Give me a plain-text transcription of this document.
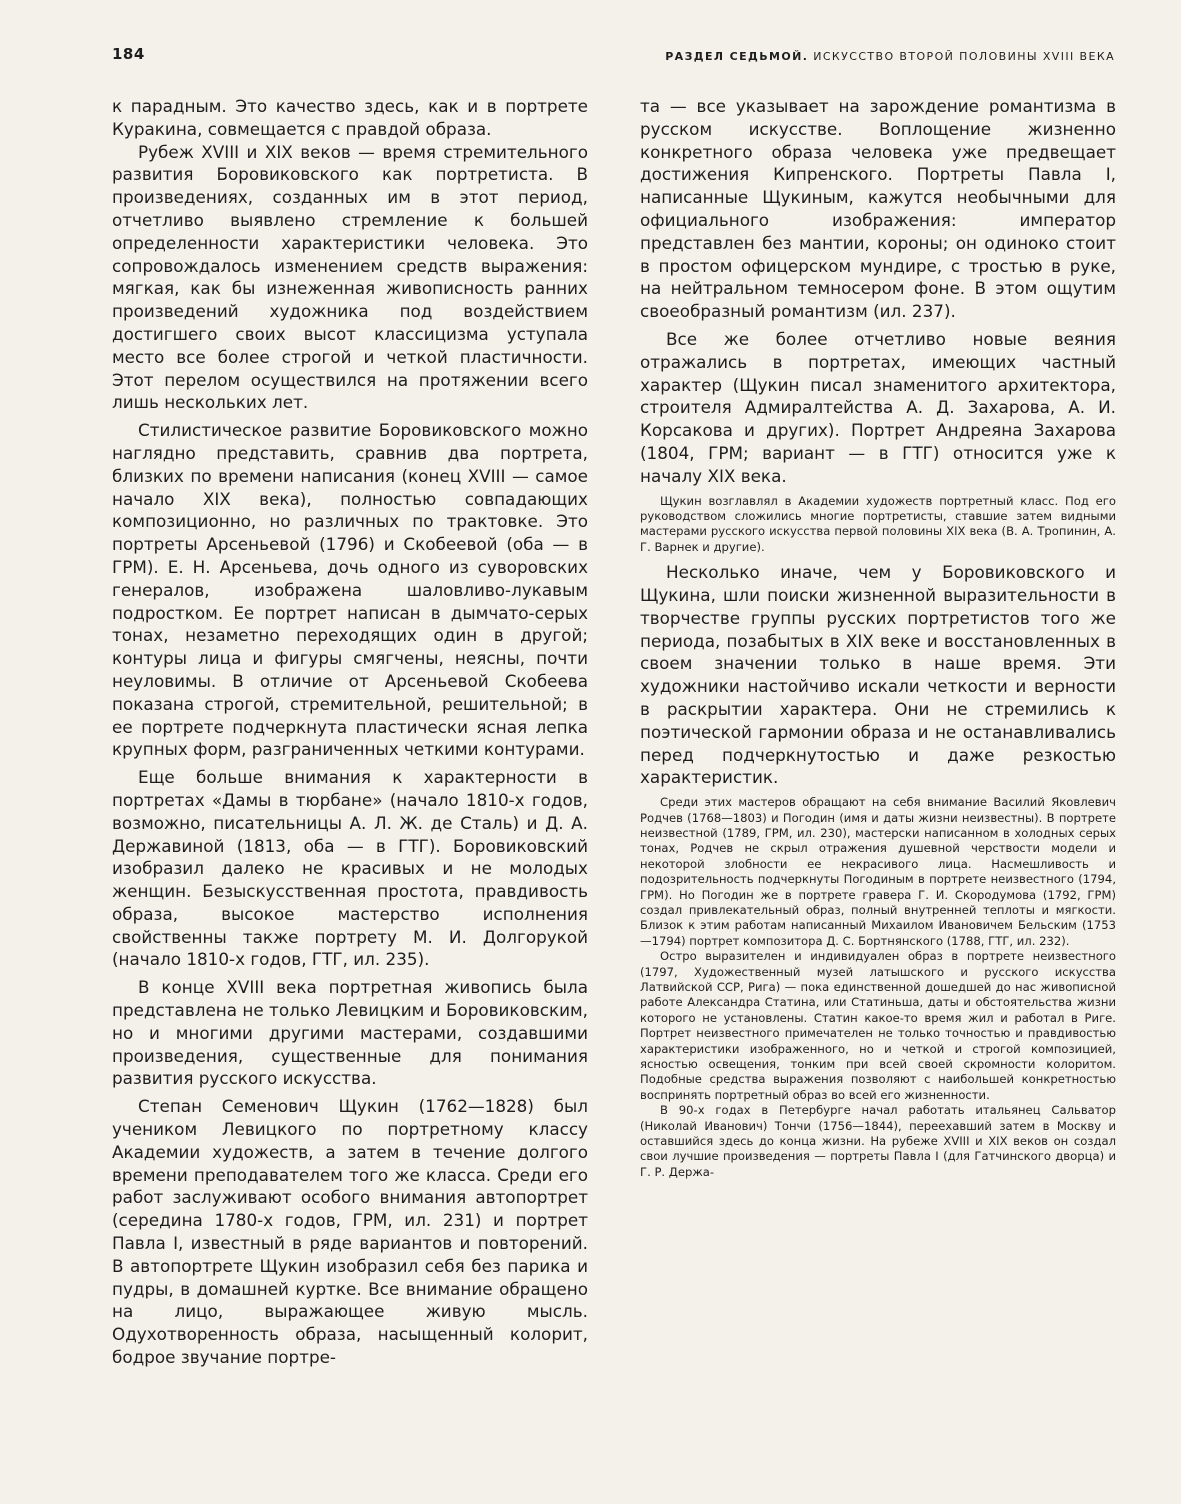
184	РАЗДЕЛ СЕДЬМОЙ. ИСКУССТВО ВТОРОЙ ПОЛОВИНЫ XVIII ВЕКА

к парадным. Это качество здесь, как и в портрете Куракина, совмещается с правдой образа.

Рубеж XVIII и XIX веков — время стремительного развития Боровиковского как портретиста. В произведениях, созданных им в этот период, отчетливо выявлено стремление к большей определенности характеристики человека. Это сопровождалось изменением средств выражения: мягкая, как бы изнеженная живописность ранних произведений художника под воздействием достигшего своих высот классицизма уступала место все более строгой и четкой пластичности. Этот перелом осуществился на протяжении всего лишь нескольких лет.

Стилистическое развитие Боровиковского можно наглядно представить, сравнив два портрета, близких по времени написания (конец XVIII — самое начало XIX века), полностью совпадающих композиционно, но различных по трактовке. Это портреты Арсеньевой (1796) и Скобеевой (оба — в ГРМ). Е. Н. Арсеньева, дочь одного из суворовских генералов, изображена шаловливо-лукавым подростком. Ее портрет написан в дымчато-серых тонах, незаметно переходящих один в другой; контуры лица и фигуры смягчены, неясны, почти неуловимы. В отличие от Арсеньевой Скобеева показана строгой, стремительной, решительной; в ее портрете подчеркнута пластически ясная лепка крупных форм, разграниченных четкими контурами.

Еще больше внимания к характерности в портретах «Дамы в тюрбане» (начало 1810-х годов, возможно, писательницы А. Л. Ж. де Сталь) и Д. А. Державиной (1813, оба — в ГТГ). Боровиковский изобразил далеко не красивых и не молодых женщин. Безыскусственная простота, правдивость образа, высокое мастерство исполнения свойственны также портрету М. И. Долгорукой (начало 1810-х годов, ГТГ, ил. 235).

В конце XVIII века портретная живопись была представлена не только Левицким и Боровиковским, но и многими другими мастерами, создавшими произведения, существенные для понимания развития русского искусства.

Степан Семенович Щукин (1762—1828) был учеником Левицкого по портретному классу Академии художеств, а затем в течение долгого времени преподавателем того же класса. Среди его работ заслуживают особого внимания автопортрет (середина 1780-х годов, ГРМ, ил. 231) и портрет Павла I, известный в ряде вариантов и повторений. В автопортрете Щукин изобразил себя без парика и пудры, в домашней куртке. Все внимание обращено на лицо, выражающее живую мысль. Одухотворенность образа, насыщенный колорит, бодрое звучание портре-

та — все указывает на зарождение романтизма в русском искусстве. Воплощение жизненно конкретного образа человека уже предвещает достижения Кипренского. Портреты Павла I, написанные Щукиным, кажутся необычными для официального изображения: император представлен без мантии, короны; он одиноко стоит в простом офицерском мундире, с тростью в руке, на нейтральном темносером фоне. В этом ощутим своеобразный романтизм (ил. 237).

Все же более отчетливо новые веяния отражались в портретах, имеющих частный характер (Щукин писал знаменитого архитектора, строителя Адмиралтейства А. Д. Захарова, А. И. Корсакова и других). Портрет Андреяна Захарова (1804, ГРМ; вариант — в ГТГ) относится уже к началу XIX века.

Щукин возглавлял в Академии художеств портретный класс. Под его руководством сложились многие портретисты, ставшие затем видными мастерами русского искусства первой половины XIX века (В. А. Тропинин, А. Г. Варнек и другие).

Несколько иначе, чем у Боровиковского и Щукина, шли поиски жизненной выразительности в творчестве группы русских портретистов того же периода, позабытых в XIX веке и восстановленных в своем значении только в наше время. Эти художники настойчиво искали четкости и верности в раскрытии характера. Они не стремились к поэтической гармонии образа и не останавливались перед подчеркнутостью и даже резкостью характеристик.

Среди этих мастеров обращают на себя внимание Василий Яковлевич Родчев (1768—1803) и Погодин (имя и даты жизни неизвестны). В портрете неизвестной (1789, ГРМ, ил. 230), мастерски написанном в холодных серых тонах, Родчев не скрыл отражения душевной черствости модели и некоторой злобности ее некрасивого лица. Насмешливость и подозрительность подчеркнуты Погодиным в портрете неизвестного (1794, ГРМ). Но Погодин же в портрете гравера Г. И. Скородумова (1792, ГРМ) создал привлекательный образ, полный внутренней теплоты и мягкости. Близок к этим работам написанный Михаилом Ивановичем Бельским (1753—1794) портрет композитора Д. С. Бортнянского (1788, ГТГ, ил. 232).

Остро выразителен и индивидуален образ в портрете неизвестного (1797, Художественный музей латышского и русского искусства Латвийской ССР, Рига) — пока единственной дошедшей до нас живописной работе Александра Статина, или Статиньша, даты и обстоятельства жизни которого не установлены. Статин какое-то время жил и работал в Риге. Портрет неизвестного примечателен не только точностью и правдивостью характеристики изображенного, но и четкой и строгой композицией, ясностью освещения, тонким при всей своей скромности колоритом. Подобные средства выражения позволяют с наибольшей конкретностью воспринять портретный образ во всей его жизненности.

В 90-х годах в Петербурге начал работать итальянец Сальватор (Николай Иванович) Тончи (1756—1844), переехавший затем в Москву и оставшийся здесь до конца жизни. На рубеже XVIII и XIX веков он создал свои лучшие произведения — портреты Павла I (для Гатчинского дворца) и Г. Р. Держа-
